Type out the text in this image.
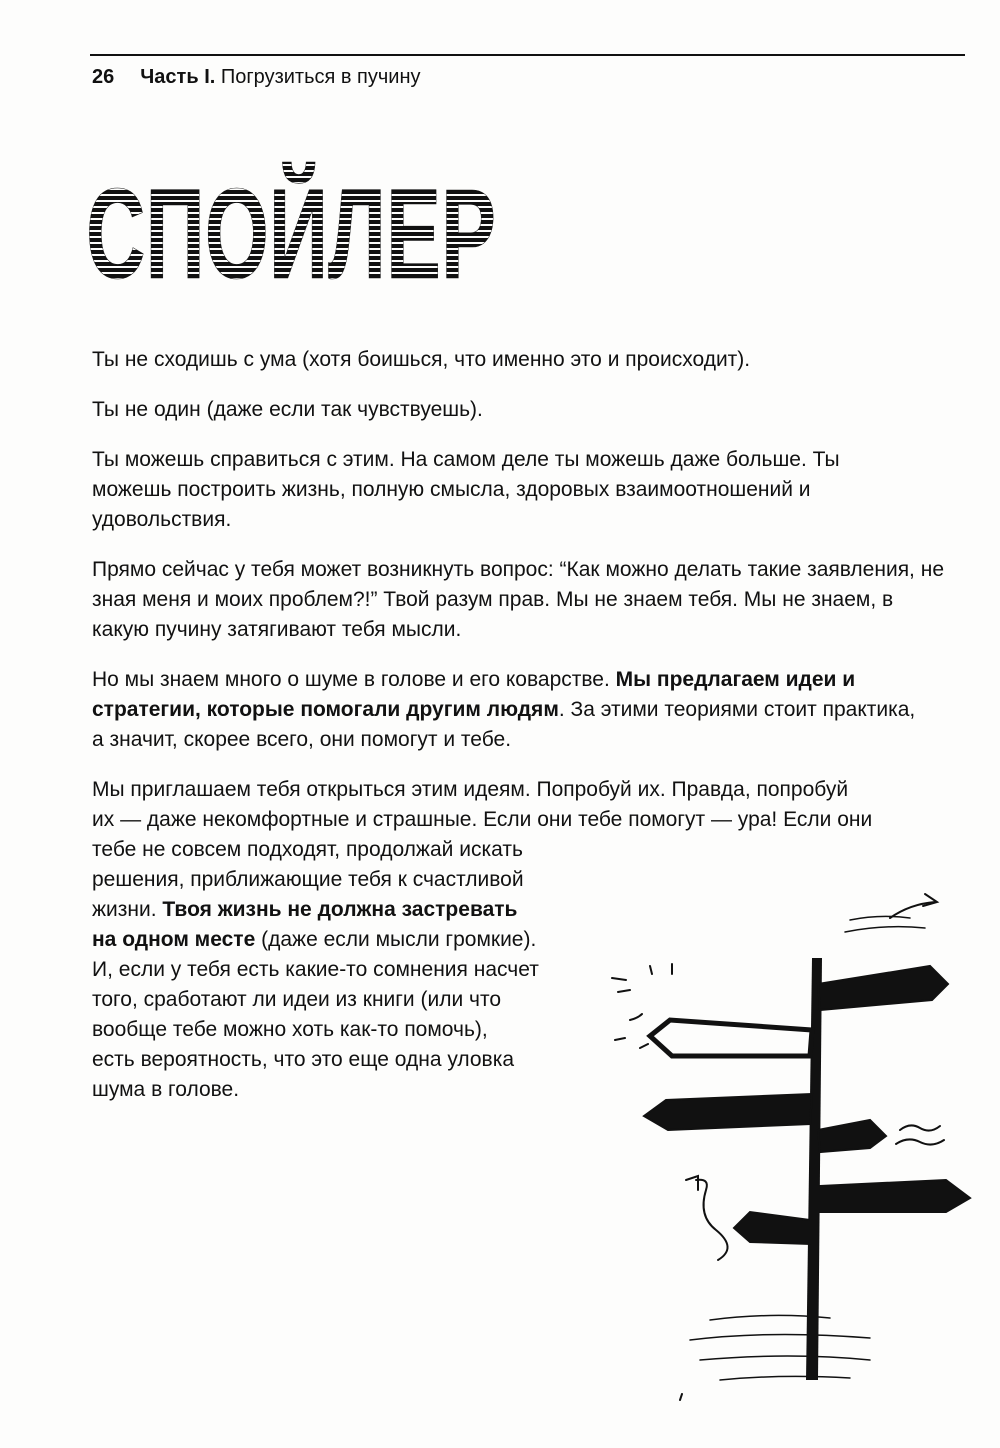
26 Часть I. Погрузиться в пучину
СПОЙЛЕР

Ты не сходишь с ума (хотя боишься, что именно это и происходит).

Ты не один (даже если так чувствуешь).

Ты можешь справиться с этим. На самом деле ты можешь даже больше. Ты можешь построить жизнь, полную смысла, здоровых взаимоотношений и удовольствия.

Прямо сейчас у тебя может возникнуть вопрос: “Как можно делать такие заявления, не зная меня и моих проблем?!” Твой разум прав. Мы не знаем тебя. Мы не знаем, в какую пучину затягивают тебя мысли.

Но мы знаем много о шуме в голове и его коварстве. Мы предлагаем идеи и стратегии, которые помогали другим людям. За этими теориями стоит практика, а значит, скорее всего, они помогут и тебе.

Мы приглашаем тебя открыться этим идеям. Попробуй их. Правда, попробуй
их — даже некомфортные и страшные. Если они тебе помогут — ура! Если они
тебе не совсем подходят, продолжай искать
решения, приближающие тебя к счастливой
жизни. Твоя жизнь не должна застревать
на одном месте (даже если мысли громкие).
И, если у тебя есть какие-то сомнения насчет
того, сработают ли идеи из книги (или что
вообще тебе можно хоть как-то помочь),
есть вероятность, что это еще одна уловка
шума в голове.
